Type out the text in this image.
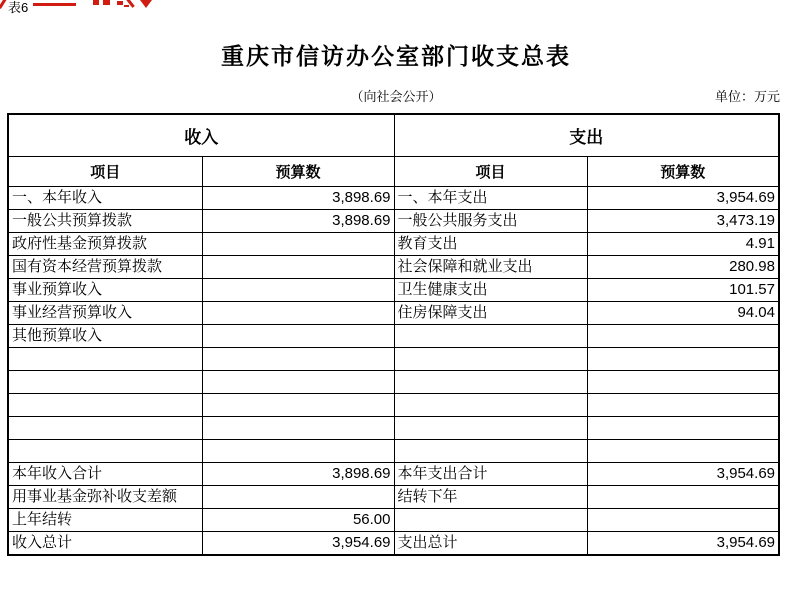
表6
重庆市信访办公室部门收支总表
（向社会公开）	单位：万元
收入		支出	
项目	预算数	项目	预算数
一、本年收入	3,898.69	一、本年支出	3,954.69
一般公共预算拨款	3,898.69	一般公共服务支出	3,473.19
政府性基金预算拨款		教育支出	4.91
国有资本经营预算拨款		社会保障和就业支出	280.98
事业预算收入		卫生健康支出	101.57
事业经营预算收入		住房保障支出	94.04
其他预算收入			

本年收入合计	3,898.69	本年支出合计	3,954.69
用事业基金弥补收支差额		结转下年	
上年结转	56.00		
收入总计	3,954.69	支出总计	3,954.69
